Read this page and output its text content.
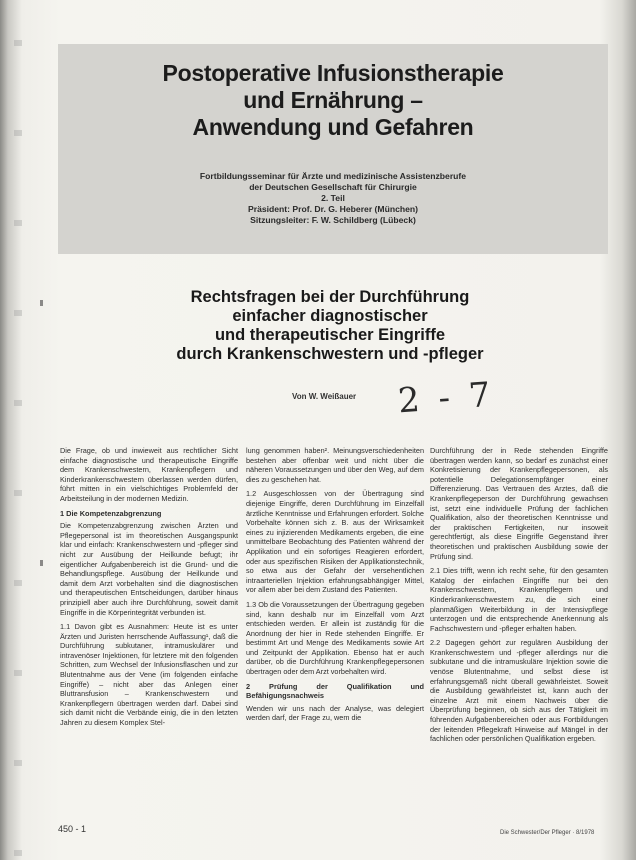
Postoperative Infusionstherapie
und Ernährung –
Anwendung und Gefahren
Fortbildungsseminar für Ärzte und medizinische Assistenzberufe
der Deutschen Gesellschaft für Chirurgie
2. Teil
Präsident: Prof. Dr. G. Heberer (München)
Sitzungsleiter: F. W. Schildberg (Lübeck)
Rechtsfragen bei der Durchführung
einfacher diagnostischer
und therapeutischer Eingriffe
durch Krankenschwestern und -pfleger
Von W. Weißauer 2 - 7

Die Frage, ob und inwieweit aus rechtlicher Sicht einfache diagnostische und therapeutische Eingriffe dem Krankenschwestern, Krankenpflegern und Kinderkrankenschwestern überlassen werden dürfen, führt mitten in ein vielschichtiges Problemfeld der Arbeitsteilung in der modernen Medizin.

1 Die Kompetenzabgrenzung

Die Kompetenzabgrenzung zwischen Ärzten und Pflegepersonal ist im theoretischen Ausgangspunkt klar und einfach: Krankenschwestern und -pfleger sind nicht zur Ausübung der Heilkunde befugt; ihr eigentlicher Aufgabenbereich ist die Grund- und die Behandlungspflege. Ausübung der Heilkunde und damit dem Arzt vorbehalten sind die diagnostischen und therapeutischen Entscheidungen, darüber hinaus prinzipiell aber auch ihre Durchführung, soweit damit Eingriffe in die Körperintegrität verbunden ist.

1.1 Davon gibt es Ausnahmen: Heute ist es unter Ärzten und Juristen herrschende Auffassung¹, daß die Durchführung subkutaner, intramuskulärer und intravenöser Injektionen, für letztere mit den folgenden Schritten, zum Wechsel der Infusionsflaschen und zur Blutentnahme aus der Vene (im folgenden einfache Eingriffe) – nicht aber das Anlegen einer Bluttransfusion – Krankenschwestern und Krankenpflegern übertragen werden darf. Dabei sind sich damit nicht die Verbände einig, die in den letzten Jahren zu diesem Komplex Stel-

lung genommen haben². Meinungsverschiedenheiten bestehen aber offenbar weit und nicht über die näheren Voraussetzungen und über den Weg, auf dem dies zu geschehen hat.

1.2 Ausgeschlossen von der Übertragung sind diejenige Eingriffe, deren Durchführung im Einzelfall ärztliche Kenntnisse und Erfahrungen erfordert. Solche Vorbehalte können sich z. B. aus der Wirksamkeit eines zu injizierenden Medikaments ergeben, die eine unmittelbare Beobachtung des Patienten während der Applikation und ein sofortiges Reagieren erfordert, oder aus spezifischen Risiken der Applikationstechnik, so etwa aus der Gefahr der versehentlichen intraarteriellen Injektion erfahrungsabhängiger Mittel, vor allem aber bei dem Zustand des Patienten.

1.3 Ob die Voraussetzungen der Übertragung gegeben sind, kann deshalb nur im Einzelfall vom Arzt entschieden werden. Er allein ist zuständig für die Anordnung der hier in Rede stehenden Eingriffe. Er bestimmt Art und Menge des Medikaments sowie Art und Zeitpunkt der Applikation. Ebenso hat er auch darüber, ob die Durchführung Krankenpflegepersonen übertragen oder dem Arzt vorbehalten wird.

2 Prüfung der Qualifikation und Befähigungsnachweis

Wenden wir uns nach der Analyse, was delegiert werden darf, der Frage zu, wem die

Durchführung der in Rede stehenden Eingriffe übertragen werden kann, so bedarf es zunächst einer Konkretisierung der Krankenpflegepersonen, als potentielle Delegationsempfänger einer Differenzierung. Das Vertrauen des Arztes, daß die Krankenpflegeperson der Durchführung gewachsen ist, setzt eine individuelle Prüfung der fachlichen Qualifikation, also der theoretischen Kenntnisse und der praktischen Fertigkeiten, nur insoweit gerechtfertigt, als diese Eingriffe Gegenstand ihrer theoretischen und praktischen Ausbildung sowie der Prüfung sind.

2.1 Dies trifft, wenn ich recht sehe, für den gesamten Katalog der einfachen Eingriffe nur bei den Krankenschwestern, Krankenpflegern und Kinderkrankenschwestern zu, die sich einer planmäßigen Weiterbildung in der Intensivpflege unterzogen und die entsprechende Anerkennung als Fachschwestern und -pfleger erhalten haben.

2.2 Dagegen gehört zur regulären Ausbildung der Krankenschwestern und -pfleger allerdings nur die subkutane und die intramuskuläre Injektion sowie die venöse Blutentnahme, und selbst diese ist erfahrungsgemäß nicht überall gewährleistet. Soweit die Ausbildung gewährleistet ist, kann auch der einzelne Arzt mit einem Nachweis über die Überprüfung beginnen, ob sich aus der Tätigkeit im führenden Aufgabenbereichen oder aus Fortbildungen der leitenden Pflegekraft Hinweise auf Mängel in der fachlichen oder persönlichen Qualifikation ergeben.

450 - 1	Die Schwester/Der Pfleger · 8/1978
